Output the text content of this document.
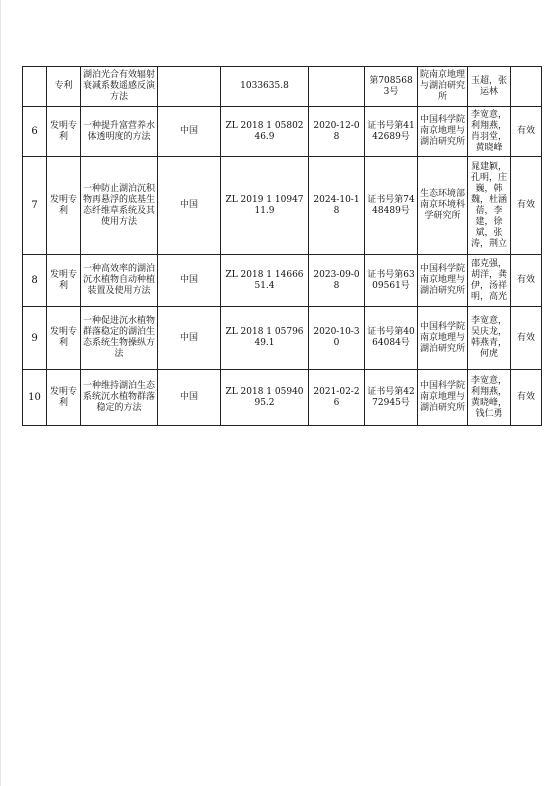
	专利	湖泊光合有效辐射衰减系数遥感反演方法		1033635.8		第7085683号	院南京地理与湖泊研究所	玉超，张运林	
6	发明专利	一种提升富营养水体透明度的方法	中国	ZL 2018 1 0580246.9	2020-12-08	证书号第4142689号	中国科学院南京地理与湖泊研究所	李宽意，利翔燕，肖羽堂，黄晓峰	有效
7	发明专利	一种防止湖泊沉积物再悬浮的底基生态纤维草系统及其使用方法	中国	ZL 2019 1 1094711.9	2024-10-18	证书号第7448489号	生态环境部南京环境科学研究所	晁建颖，孔明，庄巍，韩魏，杜涵蓓，李建，徐斌，张涛，荆立	有效
8	发明专利	一种高效率的湖泊沉水植物自动种植装置及使用方法	中国	ZL 2018 1 1466651.4	2023-09-08	证书号第6309561号	中国科学院南京地理与湖泊研究所	邵克强，胡洋，龚伊，汤祥明，高光	有效
9	发明专利	一种促进沉水植物群落稳定的湖泊生态系统生物操纵方法	中国	ZL 2018 1 0579649.1	2020-10-30	证书号第4064084号	中国科学院南京地理与湖泊研究所	李宽意，吴庆龙，韩燕青，何虎	有效
10	发明专利	一种维持湖泊生态系统沉水植物群落稳定的方法	中国	ZL 2018 1 0594095.2	2021-02-26	证书号第4272945号	中国科学院南京地理与湖泊研究所	李宽意，利翔燕，黄晓峰，钱仁勇	有效
